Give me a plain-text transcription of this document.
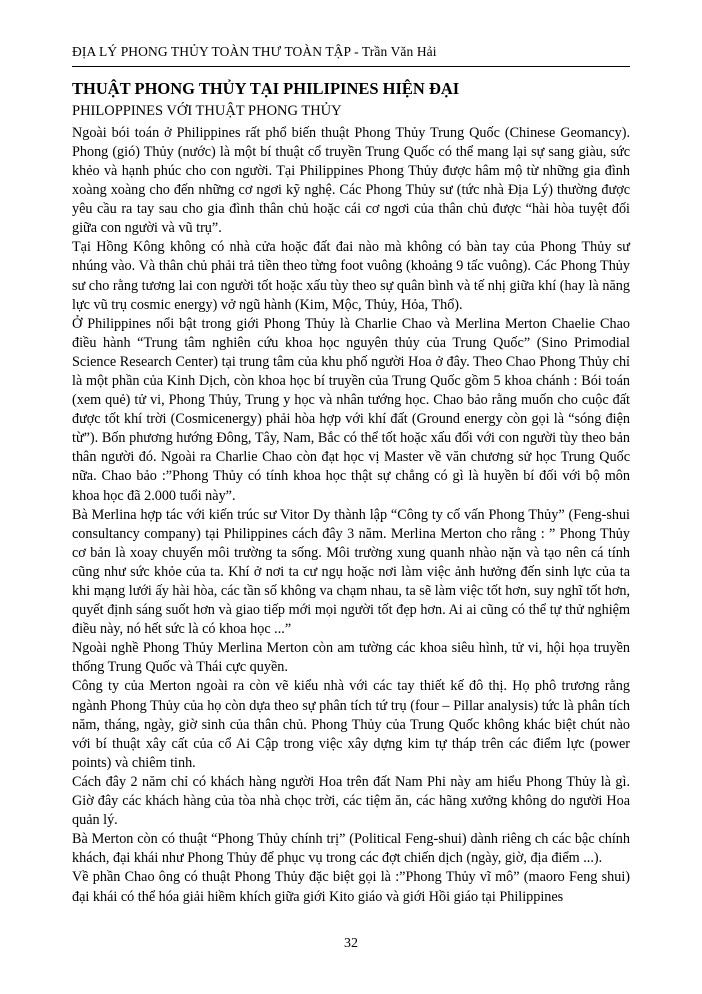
ĐỊA LÝ PHONG THỦY TOÀN THƯ TOÀN TẬP - Trần Văn Hải
THUẬT PHONG THỦY TẠI PHILIPINES HIỆN ĐẠI
PHILOPPINES VỚI THUẬT PHONG THỦY

Ngoài bói toán ở Philippines rất phổ biến thuật Phong Thủy Trung Quốc (Chinese Geomancy). Phong (gió) Thủy (nước) là một bí thuật cổ truyền Trung Quốc có thể mang lại sự sang giàu, sức khẻo và hạnh phúc cho con người. Tại Philippines Phong Thủy được hâm mộ từ những gia đình xoàng xoàng cho đến những cơ ngơi kỹ nghệ. Các Phong Thủy sư (tức nhà Địa Lý) thường được yêu cầu ra tay sau cho gia đình thân chủ hoặc cái cơ ngơi của thân chủ được “hài hòa tuyệt đối giữa con người và vũ trụ”.

Tại Hồng Kông không có nhà cửa hoặc đất đai nào mà không có bàn tay của Phong Thủy sư nhúng vào. Và thân chủ phải trả tiền theo từng foot vuông (khoảng 9 tấc vuông). Các Phong Thủy sư cho rằng tương lai con người tốt hoặc xấu tùy theo sự quân bình và tế nhị giữa khí (hay là năng lực vũ trụ cosmic energy) vở ngũ hành (Kim, Mộc, Thủy, Hỏa, Thổ).

Ở Philippines nổi bật trong giới Phong Thủy là Charlie Chao và Merlina Merton Chaelie Chao điều hành “Trung tâm nghiên cứu khoa học nguyên thủy của Trung Quốc” (Sino Primodial Science Research Center) tại trung tâm của khu phố người Hoa ở đây. Theo Chao Phong Thủy chỉ là một phần của Kinh Dịch, còn khoa học bí truyền của Trung Quốc gồm 5 khoa chánh : Bói toán (xem quẻ) tử vi, Phong Thủy, Trung y học và nhân tướng học. Chao bảo rằng muốn cho cuộc đất được tốt khí trời (Cosmicenergy) phải hòa hợp với khí đất (Ground energy còn gọi là “sóng điện từ”). Bốn phương hướng Đông, Tây, Nam, Bắc có thể tốt hoặc xấu đối với con người tùy theo bản thân người đó. Ngoài ra Charlie Chao còn đạt học vị Master về văn chương sử học Trung Quốc nữa. Chao bảo :”Phong Thủy có tính khoa học thật sự chẳng có gì là huyền bí đối với bộ môn khoa học đã 2.000 tuổi này”.

Bà Merlina hợp tác với kiến trúc sư Vitor Dy thành lập “Công ty cố vấn Phong Thủy” (Feng-shui consultancy company) tại Philippines cách đây 3 năm. Merlina Merton cho rằng : ” Phong Thủy cơ bản là xoay chuyển môi trường ta sống. Môi trường xung quanh nhào nặn và tạo nên cá tính cũng như sức khỏe của ta. Khí ở nơi ta cư ngụ hoặc nơi làm việc ảnh hưởng đến sinh lực của ta khi mạng lưới ấy hài hòa, các tần số không va chạm nhau, ta sẽ làm việc tốt hơn, suy nghĩ tốt hơn, quyết định sáng suốt hơn và giao tiếp mới mọi người tốt đẹp hơn. Ai ai cũng có thể tự thử nghiệm điều này, nó hết sức là có khoa học ...”

Ngoài nghề Phong Thủy Merlina Merton còn am tường các khoa siêu hình, tử vi, hội họa truyền thống Trung Quốc và Thái cực quyền.

Công ty của Merton ngoài ra còn vẽ kiểu nhà với các tay thiết kế đô thị. Họ phô trương rằng ngành Phong Thủy của họ còn dựa theo sự phân tích tứ trụ (four – Pillar analysis) tức là phân tích năm, tháng, ngày, giờ sinh của thân chủ. Phong Thủy của Trung Quốc không khác biệt chút nào với bí thuật xây cất của cổ Ai Cập trong việc xây dựng kim tự tháp trên các điểm lực (power points) và chiêm tinh.

Cách đây 2 năm chỉ có khách hàng người Hoa trên đất Nam Phi này am hiểu Phong Thủy là gì. Giờ đây các khách hàng của tòa nhà chọc trời, các tiệm ăn, các hãng xưởng không do người Hoa quản lý.

Bà Merton còn có thuật “Phong Thủy chính trị” (Political Feng-shui) dành riêng ch các bậc chính khách, đại khái như Phong Thủy để phục vụ trong các đợt chiến dịch (ngày, giờ, địa điểm ...).

Về phần Chao ông có thuật Phong Thủy đặc biệt gọi là :”Phong Thủy vĩ mô” (maoro Feng shui) đại khái có thể hóa giải hiềm khích giữa giới Kito giáo và giới Hồi giáo tại Philippines

32
